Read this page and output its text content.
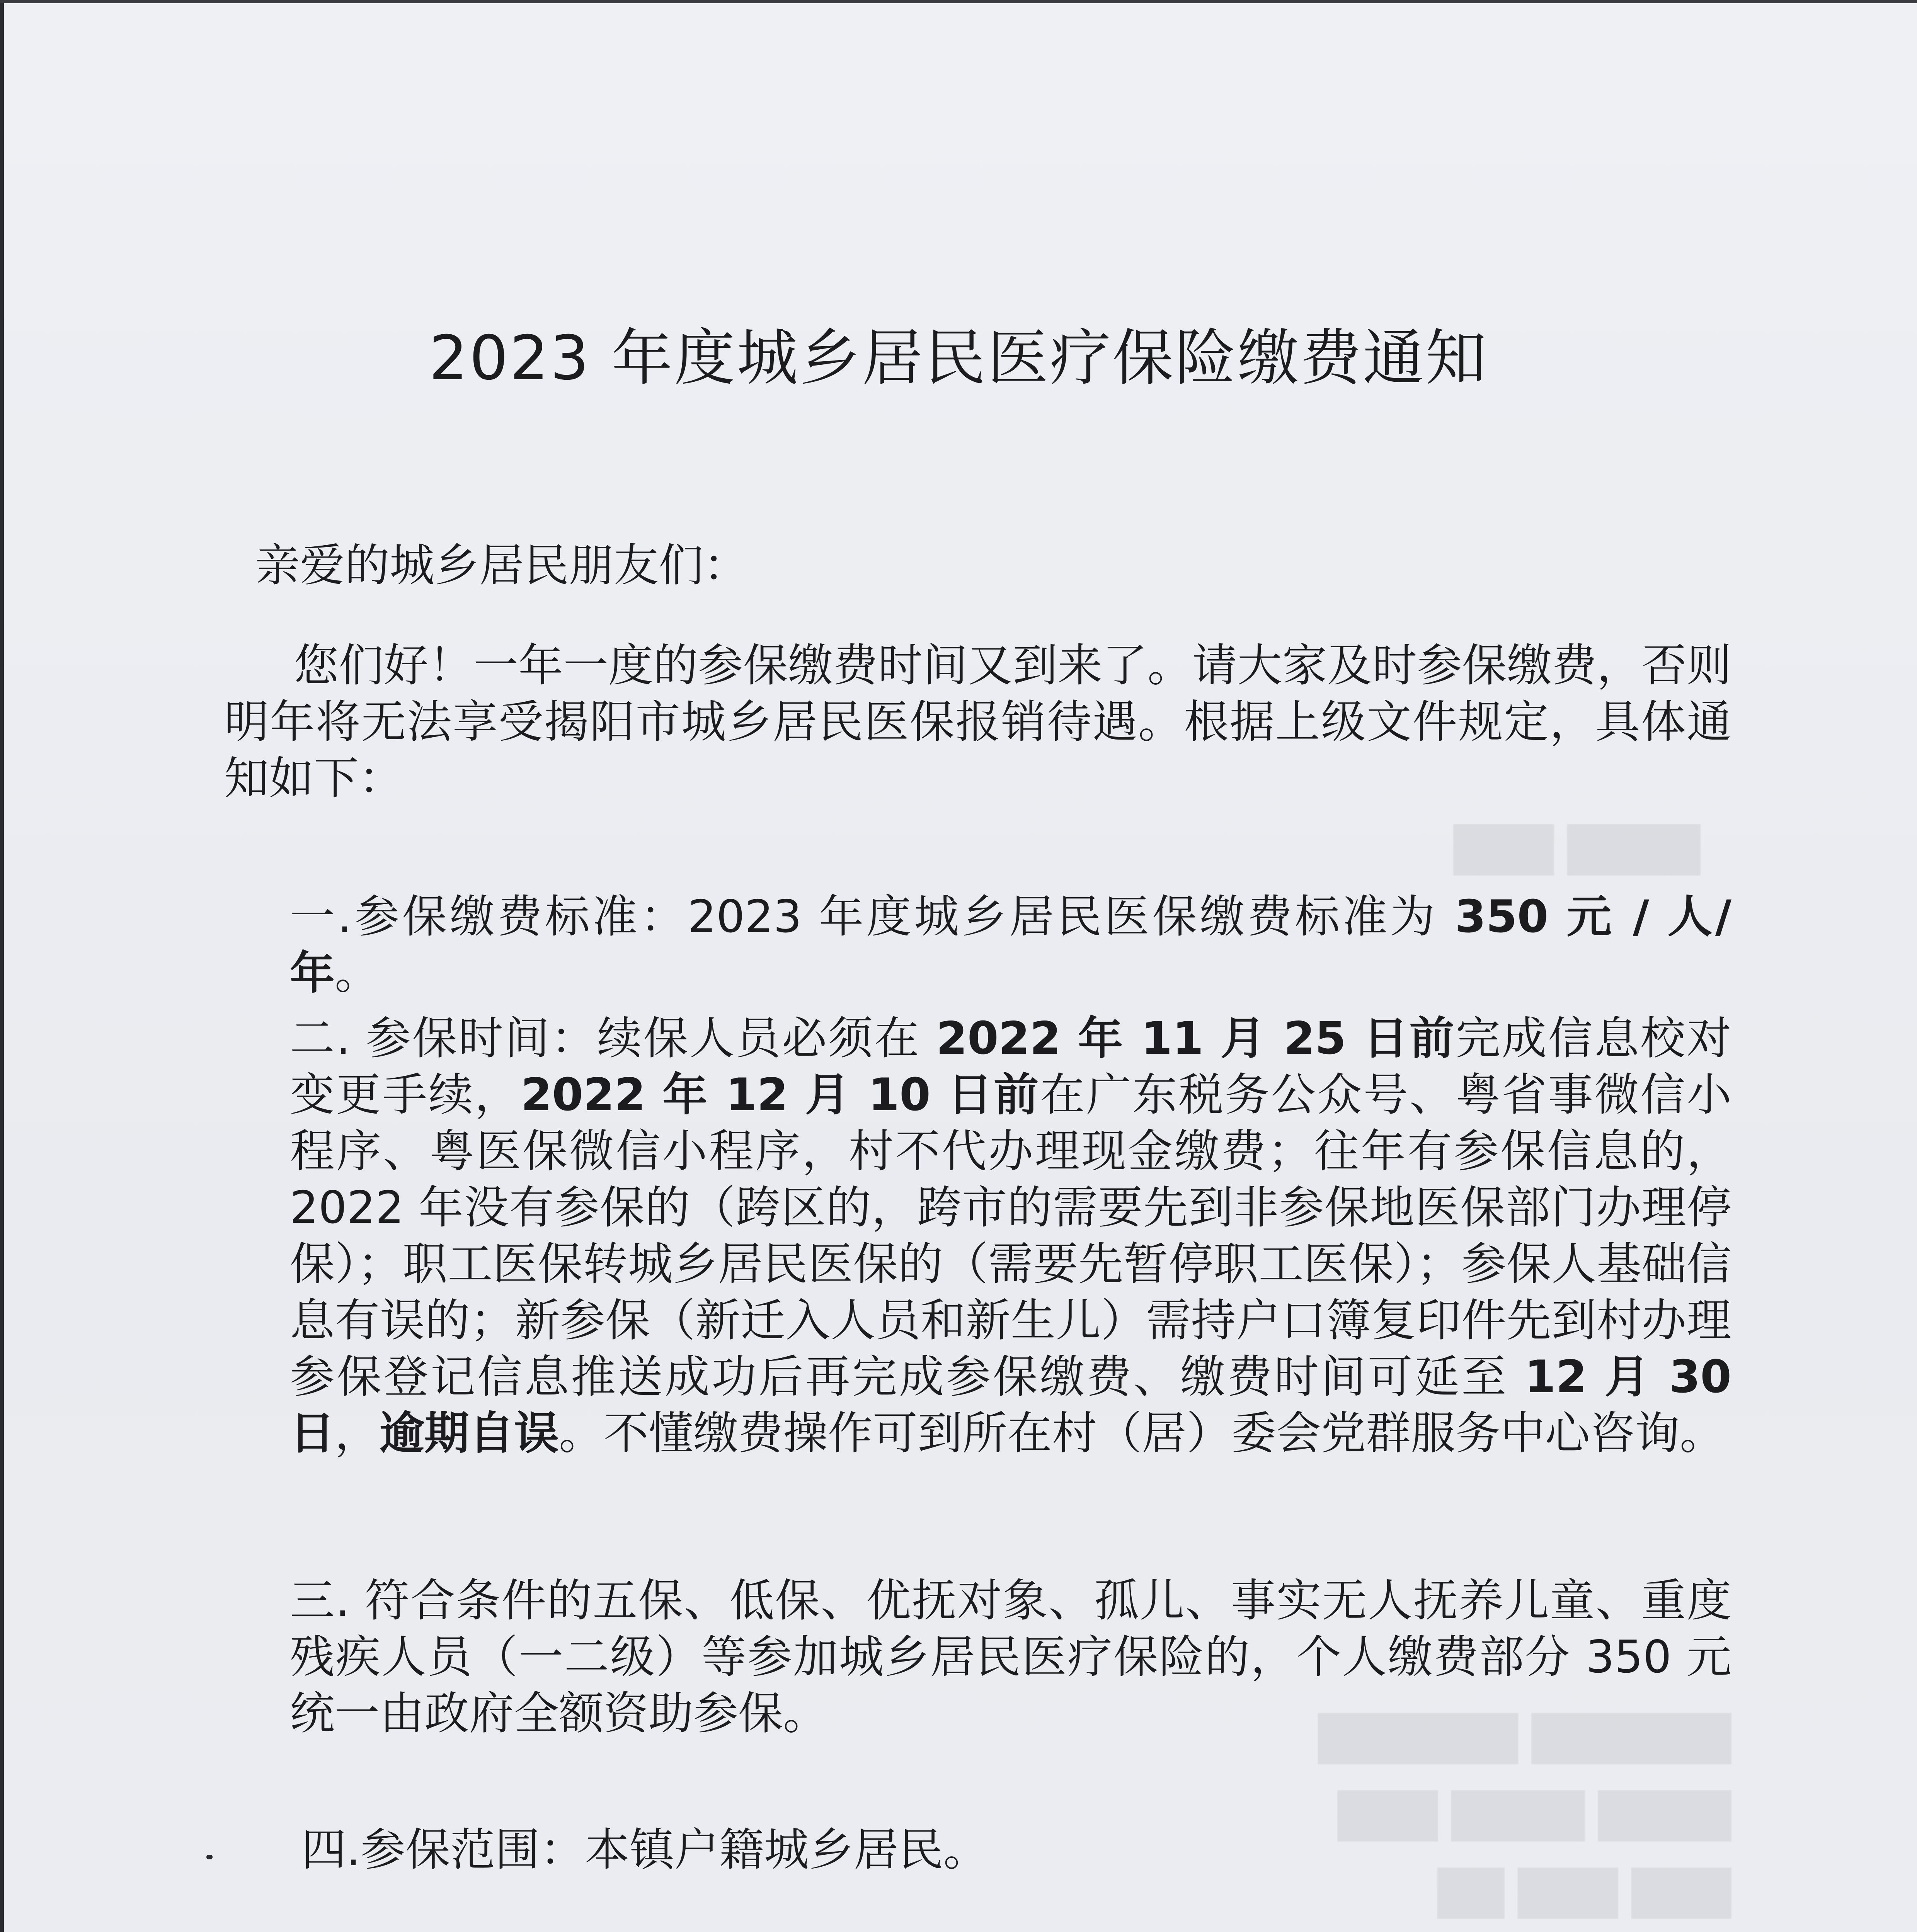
████ ███
██████ ██████
████ ████ ███
███ ███ ██

2023 年度城乡居民医疗保险缴费通知

亲爱的城乡居民朋友们：

您们好！一年一度的参保缴费时间又到来了。请大家及时参保缴费，否则明年将无法享受揭阳市城乡居民医保报销待遇。根据上级文件规定，具体通知如下：

一.参保缴费标准：2023 年度城乡居民医保缴费标准为 350 元 / 人/年。

二. 参保时间：续保人员必须在 2022 年 11 月 25 日前完成信息校对变更手续，2022 年 12 月 10 日前在广东税务公众号、粤省事微信小程序、粤医保微信小程序，村不代办理现金缴费；往年有参保信息的，2022 年没有参保的（跨区的，跨市的需要先到非参保地医保部门办理停保）；职工医保转城乡居民医保的（需要先暂停职工医保）；参保人基础信息有误的；新参保（新迁入人员和新生儿）需持户口簿复印件先到村办理参保登记信息推送成功后再完成参保缴费、缴费时间可延至 12 月 30 日，逾期自误。不懂缴费操作可到所在村（居）委会党群服务中心咨询。

三. 符合条件的五保、低保、优抚对象、孤儿、事实无人抚养儿童、重度残疾人员（一二级）等参加城乡居民医疗保险的，个人缴费部分 350 元统一由政府全额资助参保。

四.参保范围：本镇户籍城乡居民。
